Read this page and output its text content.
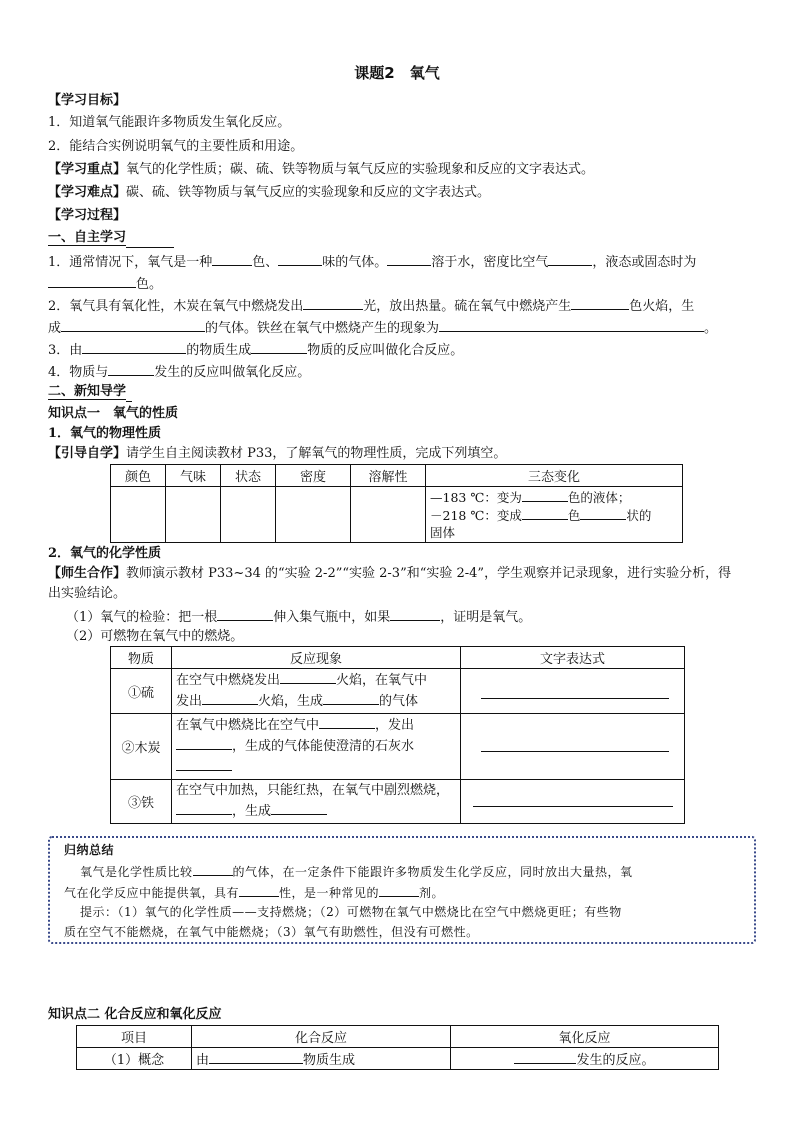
课题2　氧气
【学习目标】
1．知道氧气能跟许多物质发生氧化反应。
2．能结合实例说明氧气的主要性质和用途。
【学习重点】氧气的化学性质；碳、硫、铁等物质与氧气反应的实验现象和反应的文字表达式。
【学习难点】碳、硫、铁等物质与氧气反应的实验现象和反应的文字表达式。
【学习过程】
一、自主学习
1．通常情况下，氧气是一种	色、	味的气体。	溶于水，密度比空气	，液态或固态时为
色。
2．氧气具有氧化性，木炭在氧气中燃烧发出	光，放出热量。硫在氧气中燃烧产生	色火焰，生
成	的气体。铁丝在氧气中燃烧产生的现象为	。
3．由	的物质生成	物质的反应叫做化合反应。
4．物质与	发生的反应叫做氧化反应。
二、新知导学
知识点一　氧气的性质
1．氧气的物理性质
【引导自学】请学生自主阅读教材 P33，了解氧气的物理性质，完成下列填空。
颜色	气味	状态	密度	溶解性	三态变化

					—183 ℃：变为 色的液体；
－218 ℃：变成 色 状的
固体
2．氧气的化学性质
【师生合作】教师演示教材 P33~34 的“实验 2-2”“实验 2-3”和“实验 2-4”，学生观察并记录现象，进行实验分析，得
出实验结论。
（1）氧气的检验：把一根	伸入集气瓶中，如果	，证明是氧气。
（2）可燃物在氧气中的燃烧。
物质	反应现象	文字表达式
①硫	在空气中燃烧发出 火焰，在氧气中
发出 火焰，生成 的气体	

②木炭	在氧气中燃烧比在空气中 ，发出
，生成的气体能使澄清的石灰水	

③铁	在空气中加热，只能红热，在氧气中剧烈燃烧，
，生成	

归纳总结
氧气是化学性质比较	的气体，在一定条件下能跟许多物质发生化学反应，同时放出大量热，氧
气在化学反应中能提供氧，具有	性，是一种常见的	剂。
提示：（1）氧气的化学性质——支持燃烧；（2）可燃物在氧气中燃烧比在空气中燃烧更旺；有些物
质在空气不能燃烧，在氧气中能燃烧；（3）氧气有助燃性，但没有可燃性。
知识点二 化合反应和氧化反应
项目	化合反应	氧化反应
（1）概念	由 物质生成	发生的反应。
